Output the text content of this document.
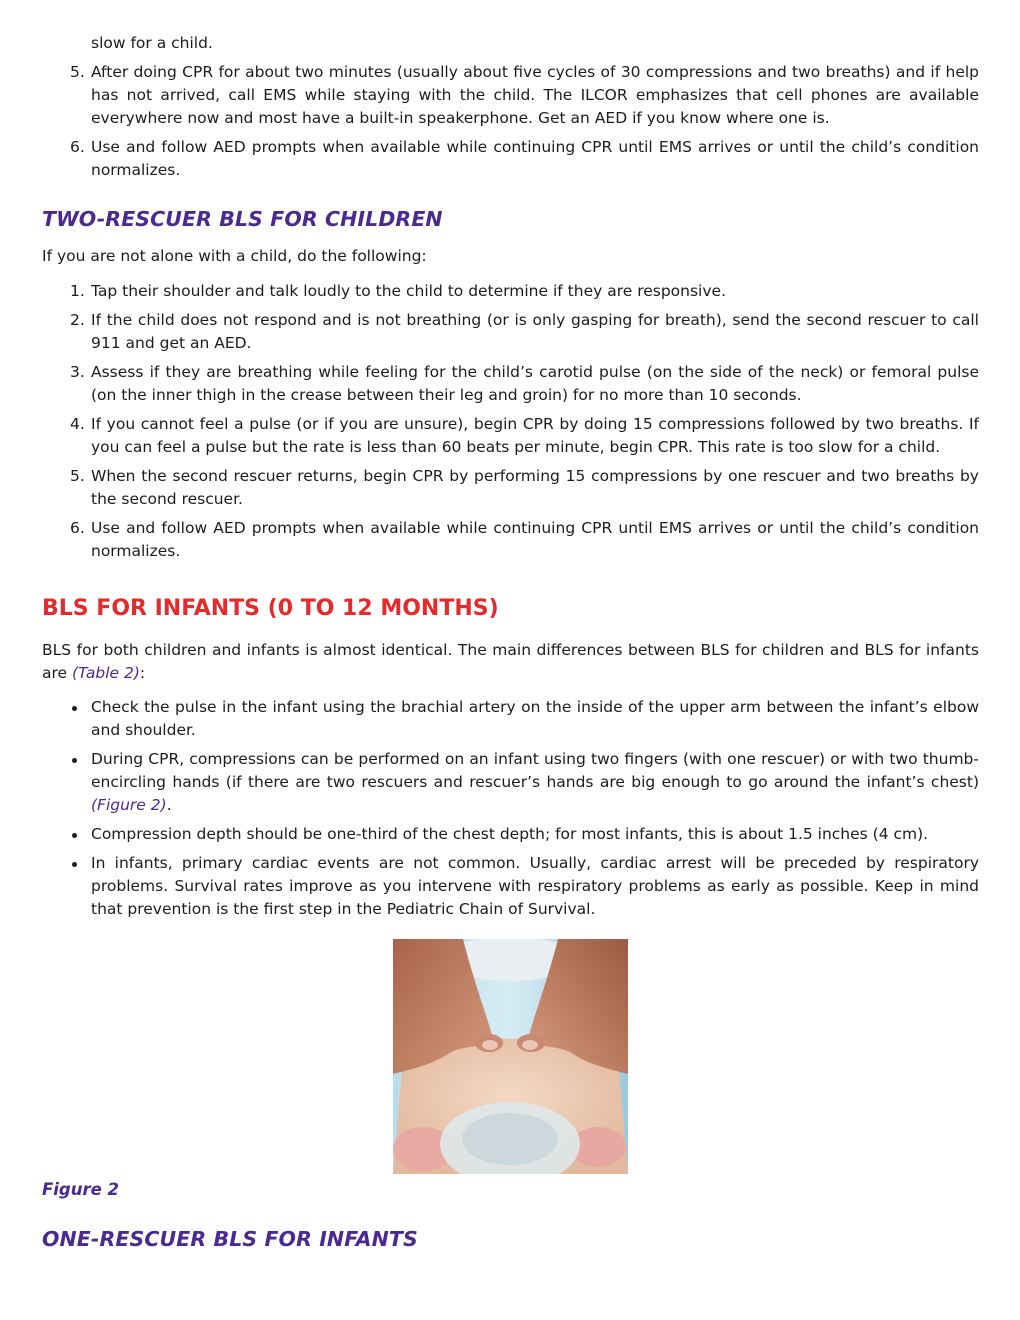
slow for a child.
5. After doing CPR for about two minutes (usually about five cycles of 30 compressions and two breaths) and if help has not arrived, call EMS while staying with the child. The ILCOR emphasizes that cell phones are available everywhere now and most have a built-in speakerphone. Get an AED if you know where one is.
6. Use and follow AED prompts when available while continuing CPR until EMS arrives or until the child’s condition normalizes.
TWO-RESCUER BLS FOR CHILDREN
If you are not alone with a child, do the following:
1. Tap their shoulder and talk loudly to the child to determine if they are responsive.
2. If the child does not respond and is not breathing (or is only gasping for breath), send the second rescuer to call 911 and get an AED.
3. Assess if they are breathing while feeling for the child’s carotid pulse (on the side of the neck) or femoral pulse (on the inner thigh in the crease between their leg and groin) for no more than 10 seconds.
4. If you cannot feel a pulse (or if you are unsure), begin CPR by doing 15 compressions followed by two breaths. If you can feel a pulse but the rate is less than 60 beats per minute, begin CPR. This rate is too slow for a child.
5. When the second rescuer returns, begin CPR by performing 15 compressions by one rescuer and two breaths by the second rescuer.
6. Use and follow AED prompts when available while continuing CPR until EMS arrives or until the child’s condition normalizes.
BLS FOR INFANTS (0 TO 12 MONTHS)
BLS for both children and infants is almost identical. The main differences between BLS for children and BLS for infants are (Table 2):
Check the pulse in the infant using the brachial artery on the inside of the upper arm between the infant’s elbow and shoulder.
During CPR, compressions can be performed on an infant using two fingers (with one rescuer) or with two thumb-encircling hands (if there are two rescuers and rescuer’s hands are big enough to go around the infant’s chest) (Figure 2).
Compression depth should be one-third of the chest depth; for most infants, this is about 1.5 inches (4 cm).
In infants, primary cardiac events are not common. Usually, cardiac arrest will be preceded by respiratory problems. Survival rates improve as you intervene with respiratory problems as early as possible. Keep in mind that prevention is the first step in the Pediatric Chain of Survival.
Figure 2
ONE-RESCUER BLS FOR INFANTS
